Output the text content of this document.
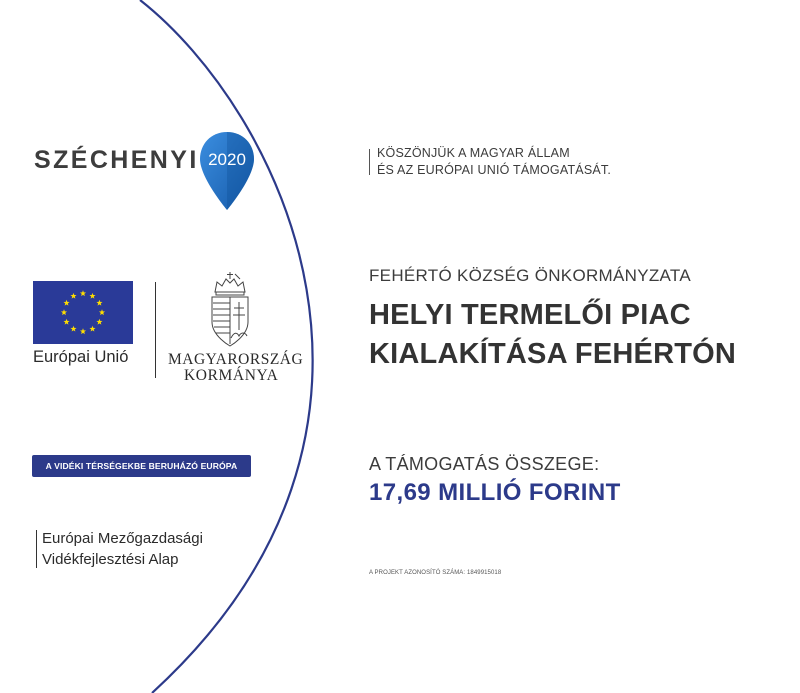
SZÉCHENYI 2020	KÖSZÖNJÜK A MAGYAR ÁLLAM
ÉS AZ EURÓPAI UNIÓ TÁMOGATÁSÁT.
Európai Unió	MAGYARORSZÁG
KORMÁNYA
A VIDÉKI TÉRSÉGEKBE BERUHÁZÓ EURÓPA
Európai Mezőgazdasági
Vidékfejlesztési Alap
FEHÉRTÓ KÖZSÉG ÖNKORMÁNYZATA
HELYI TERMELŐI PIAC
KIALAKÍTÁSA FEHÉRTÓN
A TÁMOGATÁS ÖSSZEGE:
17,69 MILLIÓ FORINT
A PROJEKT AZONOSÍTÓ SZÁMA: 1849915018
